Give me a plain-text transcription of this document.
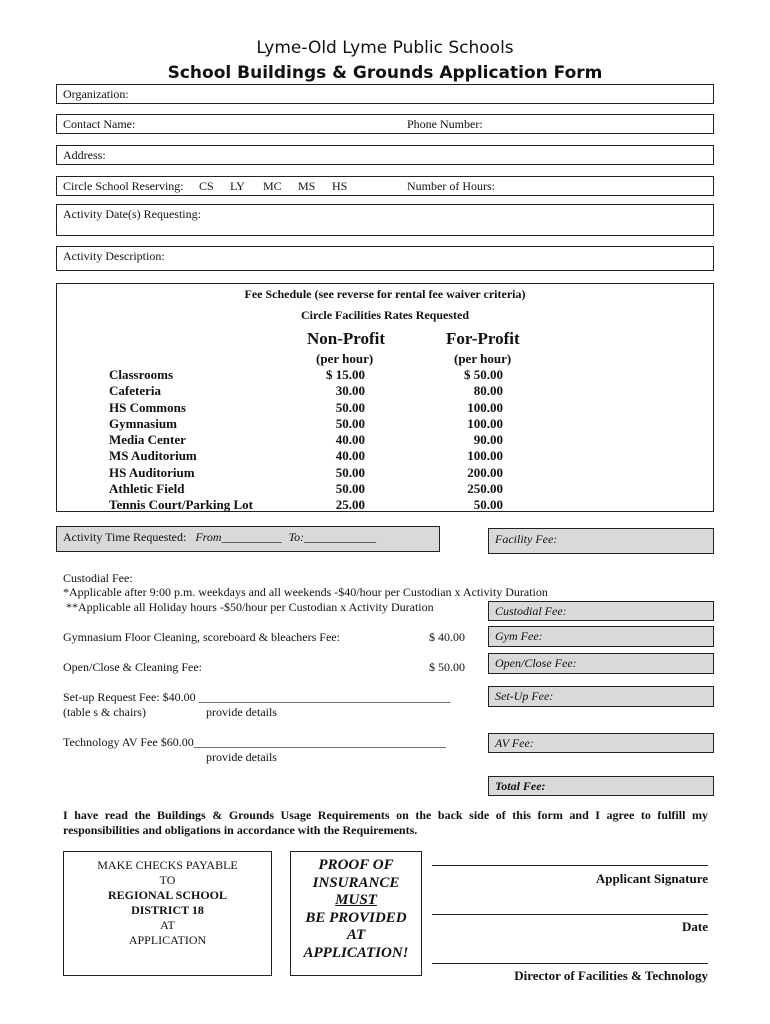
Lyme-Old Lyme Public Schools
School Buildings & Grounds Application Form
Organization:
Contact Name:	Phone Number:
Address:
Circle School Reserving: CS LY MC MS HS	Number of Hours:
Activity Date(s) Requesting:
Activity Description:
Fee Schedule (see reverse for rental fee waiver criteria)
Circle Facilities Rates Requested
Non-Profit	For-Profit
(per hour)	(per hour)
Classrooms	$ 15.00	$ 50.00
Cafeteria	30.00	80.00
HS Commons	50.00	100.00
Gymnasium	50.00	100.00
Media Center	40.00	90.00
MS Auditorium	40.00	100.00
HS Auditorium	50.00	200.00
Athletic Field	50.00	250.00
Tennis Court/Parking Lot	25.00	50.00
Activity Time Requested: From__________ To:____________	Facility Fee:
Custodial Fee:
*Applicable after 9:00 p.m. weekdays and all weekends -$40/hour per Custodian x Activity Duration
**Applicable all Holiday hours -$50/hour per Custodian x Activity Duration	Custodial Fee:
Gymnasium Floor Cleaning, scoreboard & bleachers Fee:	$ 40.00	Gym Fee:
Open/Close & Cleaning Fee:	$ 50.00	Open/Close Fee:
Set-up Request Fee: $40.00 __________________________________________
(table s & chairs)	provide details
Set-Up Fee:
Technology AV Fee $60.00__________________________________________
provide details
AV Fee:
Total Fee:
I have read the Buildings & Grounds Usage Requirements on the back side of this form and I agree to fulfill my responsibilities and obligations in accordance with the Requirements.
MAKE CHECKS PAYABLE
TO
REGIONAL SCHOOL
DISTRICT 18
AT
APPLICATION
PROOF OF
INSURANCE
MUST
BE PROVIDED
AT
APPLICATION!
Applicant Signature
Date
Director of Facilities & Technology
